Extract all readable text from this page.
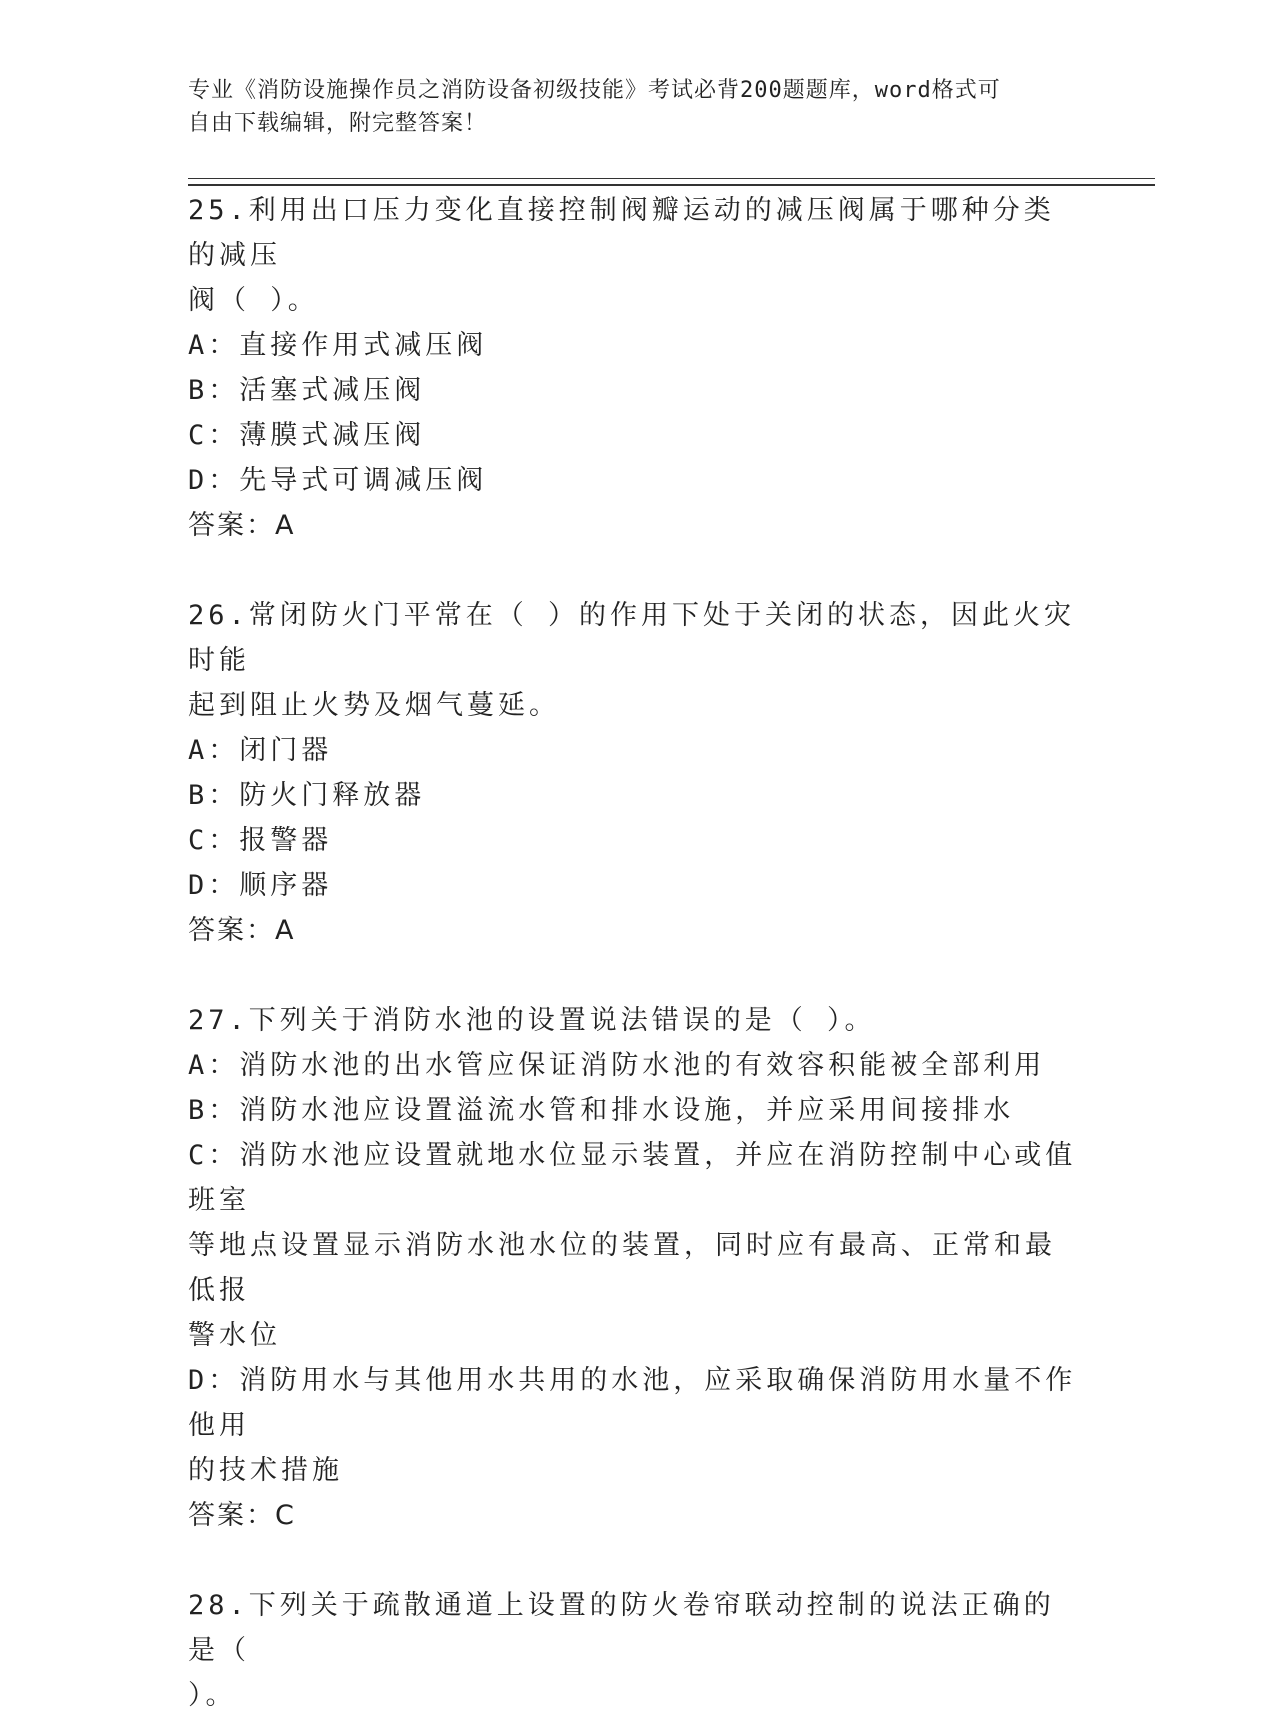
专业《消防设施操作员之消防设备初级技能》考试必背200题题库，word格式可
自由下载编辑，附完整答案！

25.利用出口压力变化直接控制阀瓣运动的减压阀属于哪种分类的减压

阀（ ）。

A：直接作用式减压阀

B：活塞式减压阀

C：薄膜式减压阀

D：先导式可调减压阀

答案：A

26.常闭防火门平常在（ ）的作用下处于关闭的状态，因此火灾时能

起到阻止火势及烟气蔓延。

A：闭门器

B：防火门释放器

C：报警器

D：顺序器

答案：A

27.下列关于消防水池的设置说法错误的是（ ）。

A：消防水池的出水管应保证消防水池的有效容积能被全部利用

B：消防水池应设置溢流水管和排水设施，并应采用间接排水

C：消防水池应设置就地水位显示装置，并应在消防控制中心或值班室

等地点设置显示消防水池水位的装置，同时应有最高、正常和最低报

警水位

D：消防用水与其他用水共用的水池，应采取确保消防用水量不作他用

的技术措施

答案：C

28.下列关于疏散通道上设置的防火卷帘联动控制的说法正确的是（

）。
